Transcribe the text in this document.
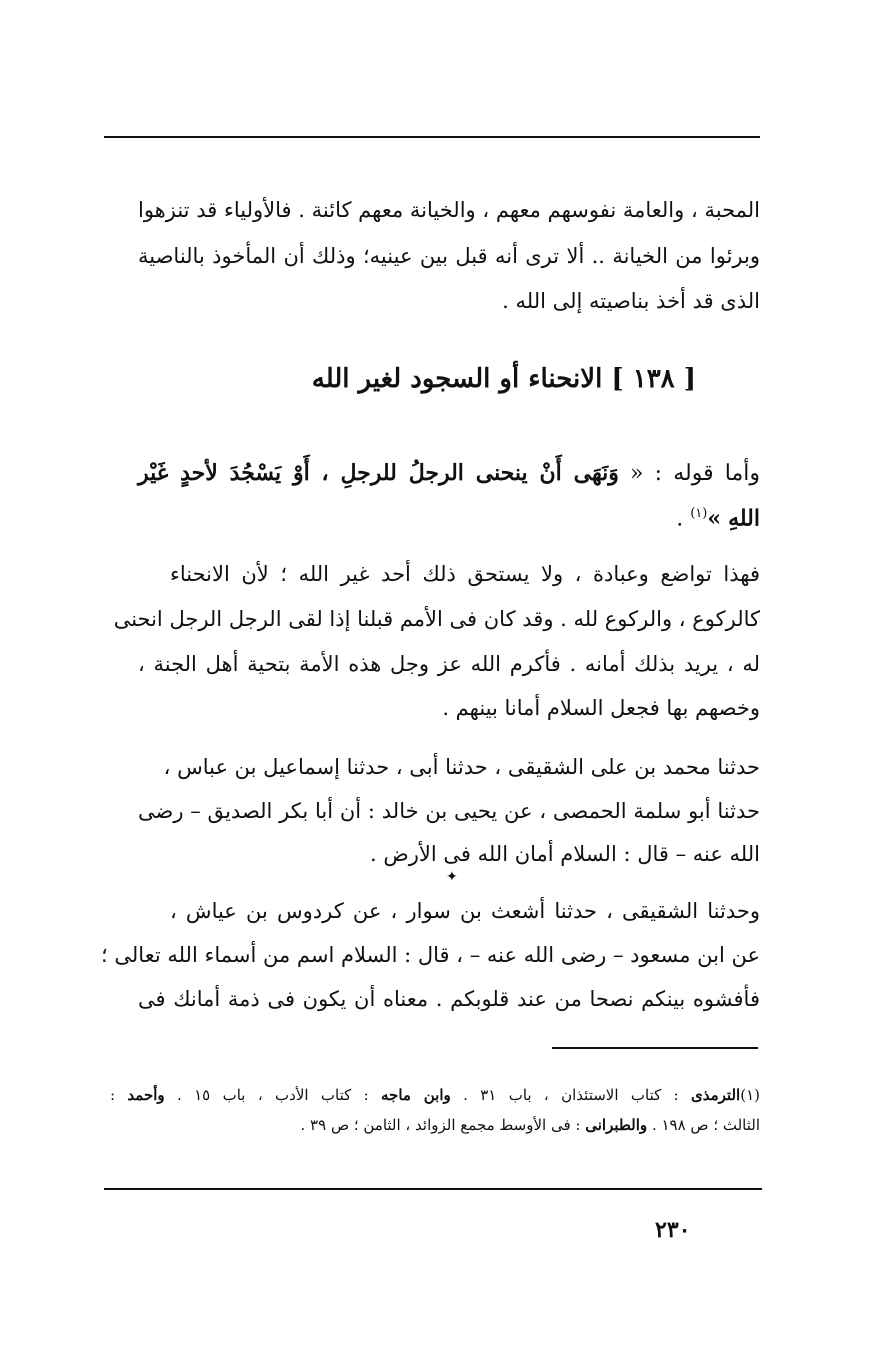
المحبة ، والعامة نفوسهم معهم ، والخيانة معهم كائنة . فالأولياء قد تنزهوا
وبرئوا من الخيانة .. ألا ترى أنه قبل بين عينيه؛ وذلك أن المأخوذ بالناصية
الذى قد أخذ بناصيته إلى الله .
[ ١٣٨ ] الانحناء أو السجود لغير الله
وأما قوله : « وَنَهَى أَنْ ينحنى الرجلُ للرجلِ ، أَوْ يَسْجُدَ لأحدٍ غَيْر
اللهِ »$^{(١)}$ .
فهذا تواضع وعبادة ، ولا يستحق ذلك أحد غير الله ؛ لأن الانحناء
كالركوع ، والركوع لله . وقد كان فى الأمم قبلنا إذا لقى الرجل الرجل انحنى
له ، يريد بذلك أمانه . فأكرم الله عز وجل هذه الأمة بتحية أهل الجنة ،
وخصهم بها فجعل السلام أمانا بينهم .
حدثنا محمد بن على الشقيقى ، حدثنا أبى ، حدثنا إسماعيل بن عباس ،
حدثنا أبو سلمة الحمصى ، عن يحيى بن خالد : أن أبا بكر الصديق – رضى
الله عنه – قال : السلام أمان الله فى الأرض .
✦
وحدثنا الشقيقى ، حدثنا أشعث بن سوار ، عن كردوس بن عياش ،
عن ابن مسعود – رضى الله عنه – ، قال : السلام اسم من أسماء الله تعالى ؛
فأفشوه بينكم نصحا من عند قلوبكم . معناه أن يكون فى ذمة أمانك فى
(١)الترمذى : كتاب الاستئذان ، باب ٣١ . وابن ماجه : كتاب الأدب ، باب ١٥ . وأحمد :
الثالث ؛ ص ١٩٨ . والطبرانى : فى الأوسط مجمع الزوائد ، الثامن ؛ ص ٣٩ .
٢٣٠
